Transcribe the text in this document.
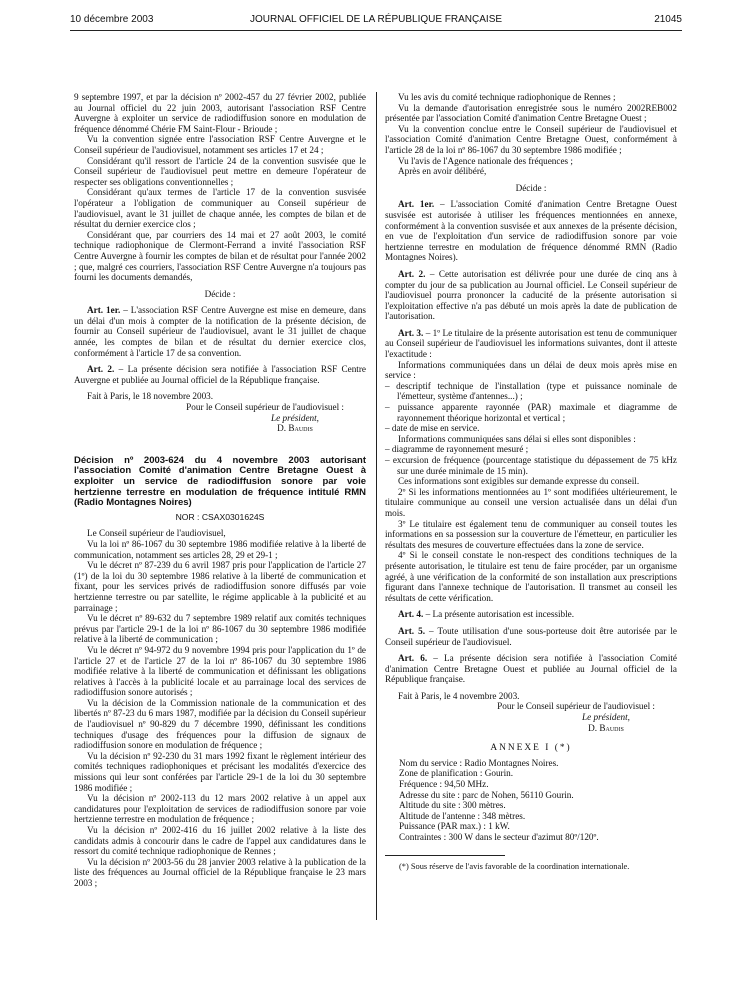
10 décembre 2003	JOURNAL OFFICIEL DE LA RÉPUBLIQUE FRANÇAISE	21045

9 septembre 1997, et par la décision nº 2002-457 du 27 février 2002, publiée au Journal officiel du 22 juin 2003, autorisant l'association RSF Centre Auvergne à exploiter un service de radiodiffusion sonore en modulation de fréquence dénommé Chérie FM Saint-Flour - Brioude ;

Vu la convention signée entre l'association RSF Centre Auvergne et le Conseil supérieur de l'audiovisuel, notamment ses articles 17 et 24 ;

Considérant qu'il ressort de l'article 24 de la convention susvisée que le Conseil supérieur de l'audiovisuel peut mettre en demeure l'opérateur de respecter ses obligations conventionnelles ;

Considérant qu'aux termes de l'article 17 de la convention susvisée l'opérateur a l'obligation de communiquer au Conseil supérieur de l'audiovisuel, avant le 31 juillet de chaque année, les comptes de bilan et de résultat du dernier exercice clos ;

Considérant que, par courriers des 14 mai et 27 août 2003, le comité technique radiophonique de Clermont-Ferrand a invité l'association RSF Centre Auvergne à fournir les comptes de bilan et de résultat pour l'année 2002 ; que, malgré ces courriers, l'association RSF Centre Auvergne n'a toujours pas fourni les documents demandés,

Décide :

Art. 1er. – L'association RSF Centre Auvergne est mise en demeure, dans un délai d'un mois à compter de la notification de la présente décision, de fournir au Conseil supérieur de l'audiovisuel, avant le 31 juillet de chaque année, les comptes de bilan et de résultat du dernier exercice clos, conformément à l'article 17 de sa convention.

Art. 2. – La présente décision sera notifiée à l'association RSF Centre Auvergne et publiée au Journal officiel de la République française.

Fait à Paris, le 18 novembre 2003.

Pour le Conseil supérieur de l'audiovisuel :

Le président,

D. Baudis

Décision nº 2003-624 du 4 novembre 2003 autorisant l'association Comité d'animation Centre Bretagne Ouest à exploiter un service de radiodiffusion sonore par voie hertzienne terrestre en modulation de fréquence intitulé RMN (Radio Montagnes Noires)

NOR : CSAX0301624S

Le Conseil supérieur de l'audiovisuel,

Vu la loi nº 86-1067 du 30 septembre 1986 modifiée relative à la liberté de communication, notamment ses articles 28, 29 et 29-1 ;

Vu le décret nº 87-239 du 6 avril 1987 pris pour l'application de l'article 27 (1º) de la loi du 30 septembre 1986 relative à la liberté de communication et fixant, pour les services privés de radiodiffusion sonore diffusés par voie hertzienne terrestre ou par satellite, le régime applicable à la publicité et au parrainage ;

Vu le décret nº 89-632 du 7 septembre 1989 relatif aux comités techniques prévus par l'article 29-1 de la loi nº 86-1067 du 30 septembre 1986 modifiée relative à la liberté de communication ;

Vu le décret nº 94-972 du 9 novembre 1994 pris pour l'application du 1º de l'article 27 et de l'article 27 de la loi nº 86-1067 du 30 septembre 1986 modifiée relative à la liberté de communication et définissant les obligations relatives à l'accès à la publicité locale et au parrainage local des services de radiodiffusion sonore autorisés ;

Vu la décision de la Commission nationale de la communication et des libertés nº 87-23 du 6 mars 1987, modifiée par la décision du Conseil supérieur de l'audiovisuel nº 90-829 du 7 décembre 1990, définissant les conditions techniques d'usage des fréquences pour la diffusion de signaux de radiodiffusion sonore en modulation de fréquence ;

Vu la décision nº 92-230 du 31 mars 1992 fixant le règlement intérieur des comités techniques radiophoniques et précisant les modalités d'exercice des missions qui leur sont conférées par l'article 29-1 de la loi du 30 septembre 1986 modifiée ;

Vu la décision nº 2002-113 du 12 mars 2002 relative à un appel aux candidatures pour l'exploitation de services de radiodiffusion sonore par voie hertzienne terrestre en modulation de fréquence ;

Vu la décision nº 2002-416 du 16 juillet 2002 relative à la liste des candidats admis à concourir dans le cadre de l'appel aux candidatures dans le ressort du comité technique radiophonique de Rennes ;

Vu la décision nº 2003-56 du 28 janvier 2003 relative à la publication de la liste des fréquences au Journal officiel de la République française le 23 mars 2003 ;

Vu les avis du comité technique radiophonique de Rennes ;

Vu la demande d'autorisation enregistrée sous le numéro 2002REB002 présentée par l'association Comité d'animation Centre Bretagne Ouest ;

Vu la convention conclue entre le Conseil supérieur de l'audiovisuel et l'association Comité d'animation Centre Bretagne Ouest, conformément à l'article 28 de la loi nº 86-1067 du 30 septembre 1986 modifiée ;

Vu l'avis de l'Agence nationale des fréquences ;

Après en avoir délibéré,

Décide :

Art. 1er. – L'association Comité d'animation Centre Bretagne Ouest susvisée est autorisée à utiliser les fréquences mentionnées en annexe, conformément à la convention susvisée et aux annexes de la présente décision, en vue de l'exploitation d'un service de radiodiffusion sonore par voie hertzienne terrestre en modulation de fréquence dénommé RMN (Radio Montagnes Noires).

Art. 2. – Cette autorisation est délivrée pour une durée de cinq ans à compter du jour de sa publication au Journal officiel. Le Conseil supérieur de l'audiovisuel pourra prononcer la caducité de la présente autorisation si l'exploitation effective n'a pas débuté un mois après la date de publication de l'autorisation.

Art. 3. – 1º Le titulaire de la présente autorisation est tenu de communiquer au Conseil supérieur de l'audiovisuel les informations suivantes, dont il atteste l'exactitude :

Informations communiquées dans un délai de deux mois après mise en service :

– descriptif technique de l'installation (type et puissance nominale de l'émetteur, système d'antennes...) ;

– puissance apparente rayonnée (PAR) maximale et diagramme de rayonnement théorique horizontal et vertical ;

– date de mise en service.

Informations communiquées sans délai si elles sont disponibles :

– diagramme de rayonnement mesuré ;

– excursion de fréquence (pourcentage statistique du dépassement de 75 kHz sur une durée minimale de 15 min).

Ces informations sont exigibles sur demande expresse du conseil.

2º Si les informations mentionnées au 1º sont modifiées ultérieurement, le titulaire communique au conseil une version actualisée dans un délai d'un mois.

3º Le titulaire est également tenu de communiquer au conseil toutes les informations en sa possession sur la couverture de l'émetteur, en particulier les résultats des mesures de couverture effectuées dans la zone de service.

4º Si le conseil constate le non-respect des conditions techniques de la présente autorisation, le titulaire est tenu de faire procéder, par un organisme agréé, à une vérification de la conformité de son installation aux prescriptions figurant dans l'annexe technique de l'autorisation. Il transmet au conseil les résultats de cette vérification.

Art. 4. – La présente autorisation est incessible.

Art. 5. – Toute utilisation d'une sous-porteuse doit être autorisée par le Conseil supérieur de l'audiovisuel.

Art. 6. – La présente décision sera notifiée à l'association Comité d'animation Centre Bretagne Ouest et publiée au Journal officiel de la République française.

Fait à Paris, le 4 novembre 2003.

Pour le Conseil supérieur de l'audiovisuel :

Le président,

D. Baudis

ANNEXE I (*)

Nom du service : Radio Montagnes Noires.

Zone de planification : Gourin.

Fréquence : 94,50 MHz.

Adresse du site : parc de Nohen, 56110 Gourin.

Altitude du site : 300 mètres.

Altitude de l'antenne : 348 mètres.

Puissance (PAR max.) : 1 kW.

Contraintes : 300 W dans le secteur d'azimut 80º/120º.

(*) Sous réserve de l'avis favorable de la coordination internationale.
